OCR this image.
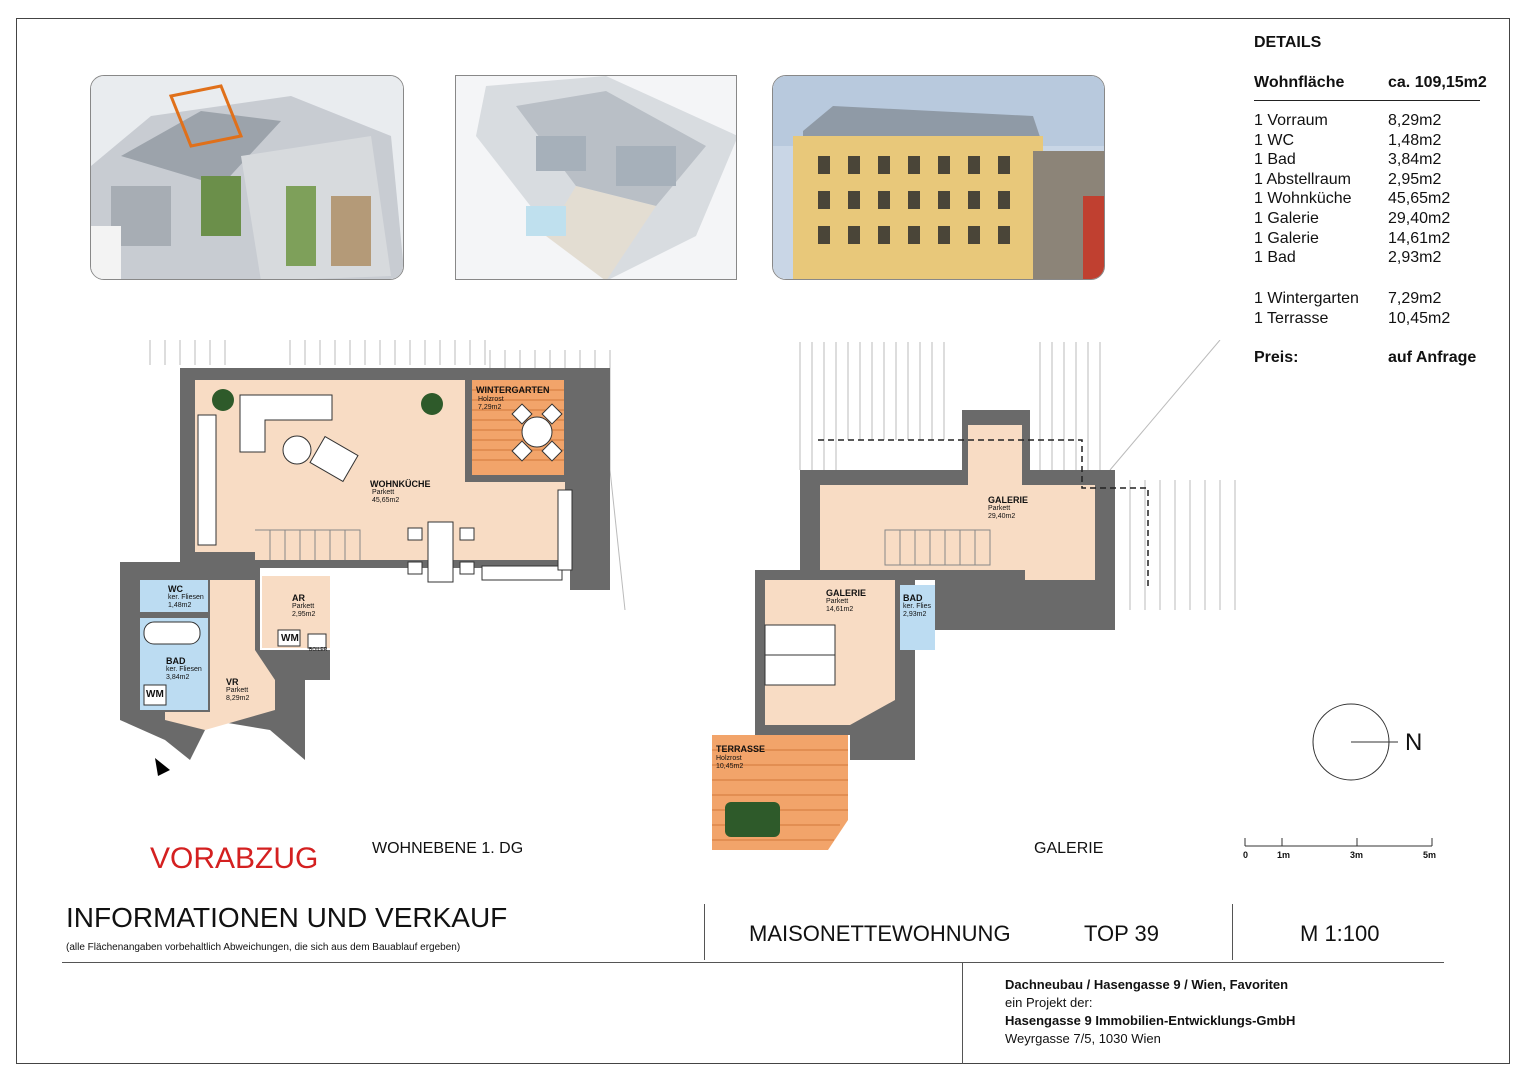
DETAILS
Wohnfläche	ca. 109,15m2
1 Vorraum	8,29m2
1 WC	1,48m2
1 Bad	3,84m2
1 Abstellraum 2,95m2
1 Wohnküche 45,65m2
1 Galerie	29,40m2
1 Galerie	14,61m2
1 Bad	2,93m2
1 Wintergarten 7,29m2
1 Terrasse	10,45m2
Preis:	auf Anfrage
WINTERGARTEN
Holzrost
7,29m2
WOHNKÜCHE
Parkett
45,65m2
WC
ker. Fliesen
1,48m2
AR
Parkett
2,95m2
BAD
ker. Fliesen
3,84m2	VR
Parkett
8,29m2
WM
WM
BOILER
WOHNEBENE 1. DG
VORABZUG
GALERIE
Parkett
29,40m2
GALERIE
Parkett
14,61m2
BAD
ker. Flies
2,93m2
TERRASSE
Holzrost
10,45m2
GALERIE
N
0	1m	3m	5m
INFORMATIONEN UND VERKAUF
(alle Flächenangaben vorbehaltlich Abweichungen, die sich aus dem Bauablauf ergeben)
MAISONETTEWOHNUNG	TOP 39	M 1:100
Dachneubau / Hasengasse 9 / Wien, Favoriten
ein Projekt der:
Hasengasse 9 Immobilien-Entwicklungs-GmbH
Weyrgasse 7/5, 1030 Wien
